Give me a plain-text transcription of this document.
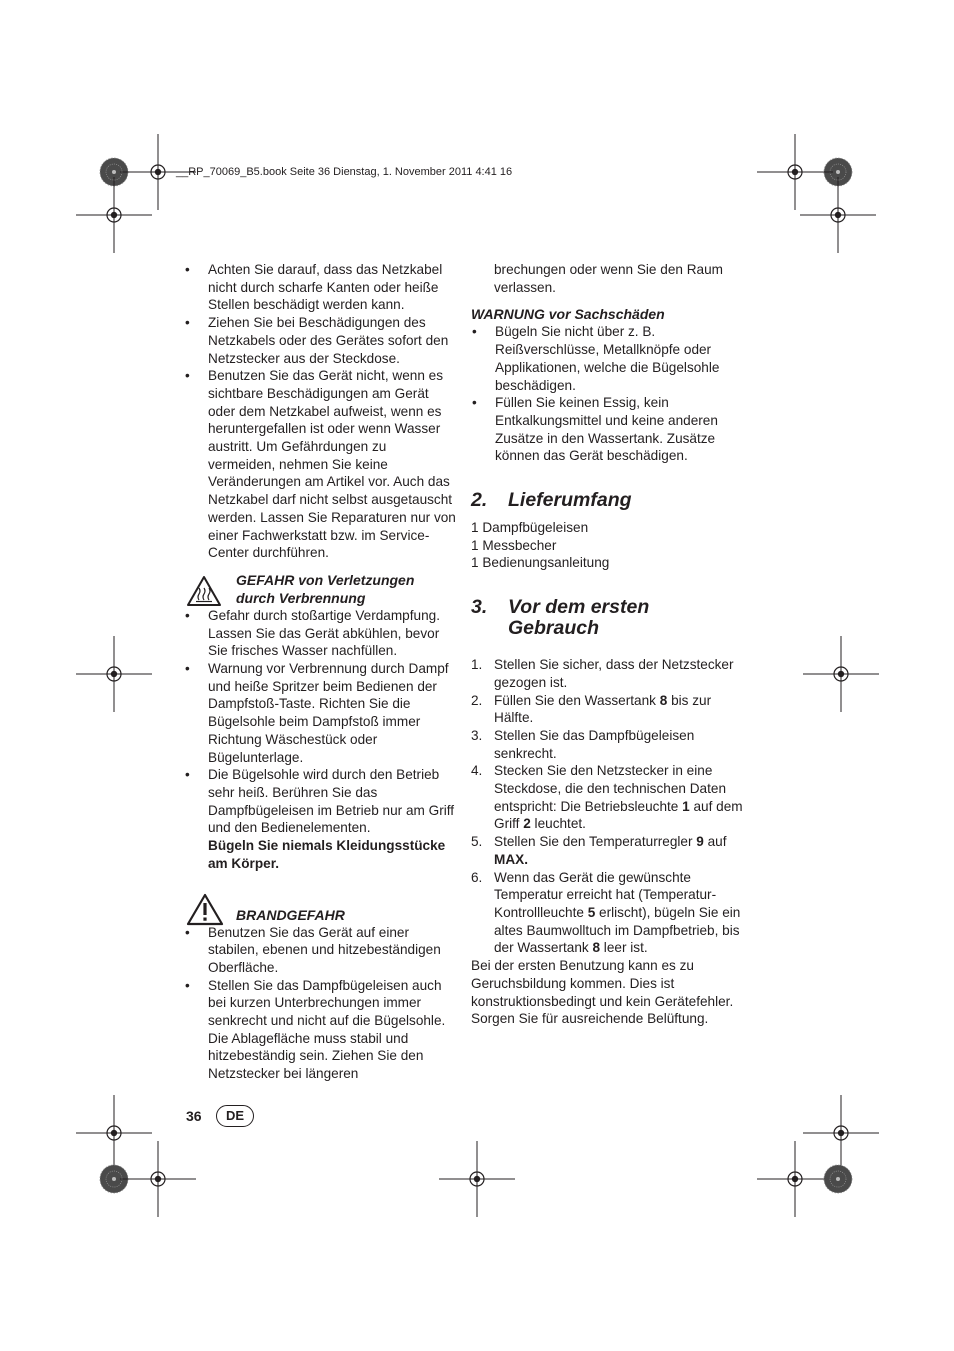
__RP_70069_B5.book Seite 36 Dienstag, 1. November 2011 4:41 16
• Achten Sie darauf, dass das Netzkabel nicht durch scharfe Kanten oder heiße Stellen beschädigt werden kann.
• Ziehen Sie bei Beschädigungen des Netzkabels oder des Gerätes sofort den Netzstecker aus der Steckdose.
• Benutzen Sie das Gerät nicht, wenn es sichtbare Beschädigungen am Gerät oder dem Netzkabel aufweist, wenn es heruntergefallen ist oder wenn Wasser austritt. Um Gefährdungen zu vermeiden, nehmen Sie keine Veränderungen am Artikel vor. Auch das Netzkabel darf nicht selbst ausgetauscht werden. Lassen Sie Reparaturen nur von einer Fachwerkstatt bzw. im Service-Center durchführen.
GEFAHR von Verletzungen durch Verbrennung
• Gefahr durch stoßartige Verdampfung. Lassen Sie das Gerät abkühlen, bevor Sie frisches Wasser nachfüllen.
• Warnung vor Verbrennung durch Dampf und heiße Spritzer beim Bedienen der Dampfstoß-Taste. Richten Sie die Bügelsohle beim Dampfstoß immer Richtung Wäschestück oder Bügelunterlage.
• Die Bügelsohle wird durch den Betrieb sehr heiß. Berühren Sie das Dampfbügeleisen im Betrieb nur am Griff und den Bedienelementen.
Bügeln Sie niemals Kleidungsstücke am Körper.
BRANDGEFAHR
• Benutzen Sie das Gerät auf einer stabilen, ebenen und hitzebeständigen Oberfläche.
• Stellen Sie das Dampfbügeleisen auch bei kurzen Unterbrechungen immer senkrecht und nicht auf die Bügelsohle. Die Ablagefläche muss stabil und hitzebeständig sein. Ziehen Sie den Netzstecker bei längeren

brechungen oder wenn Sie den Raum verlassen.

WARNUNG vor Sachschäden
• Bügeln Sie nicht über z. B. Reißverschlüsse, Metallknöpfe oder Applikationen, welche die Bügelsohle beschädigen.
• Füllen Sie keinen Essig, kein Entkalkungsmittel und keine anderen Zusätze in den Wassertank. Zusätze können das Gerät beschädigen.
2. Lieferumfang

1 Dampfbügeleisen

1 Messbecher

1 Bedienungsanleitung

3. Vor dem ersten
Gebrauch
1. Stellen Sie sicher, dass der Netzstecker gezogen ist.
2. Füllen Sie den Wassertank 8 bis zur Hälfte.
3. Stellen Sie das Dampfbügeleisen senkrecht.
4. Stecken Sie den Netzstecker in eine Steckdose, die den technischen Daten entspricht: Die Betriebsleuchte 1 auf dem Griff 2 leuchtet.
5. Stellen Sie den Temperaturregler 9 auf
MAX.
6. Wenn das Gerät die gewünschte Temperatur erreicht hat (Temperatur-Kontrollleuchte 5 erlischt), bügeln Sie ein altes Baumwolltuch im Dampfbetrieb, bis der Wassertank 8 leer ist.

Bei der ersten Benutzung kann es zu Geruchsbildung kommen. Dies ist konstruktionsbedingt und kein Gerätefehler. Sorgen Sie für ausreichende Belüftung.

36	DE
